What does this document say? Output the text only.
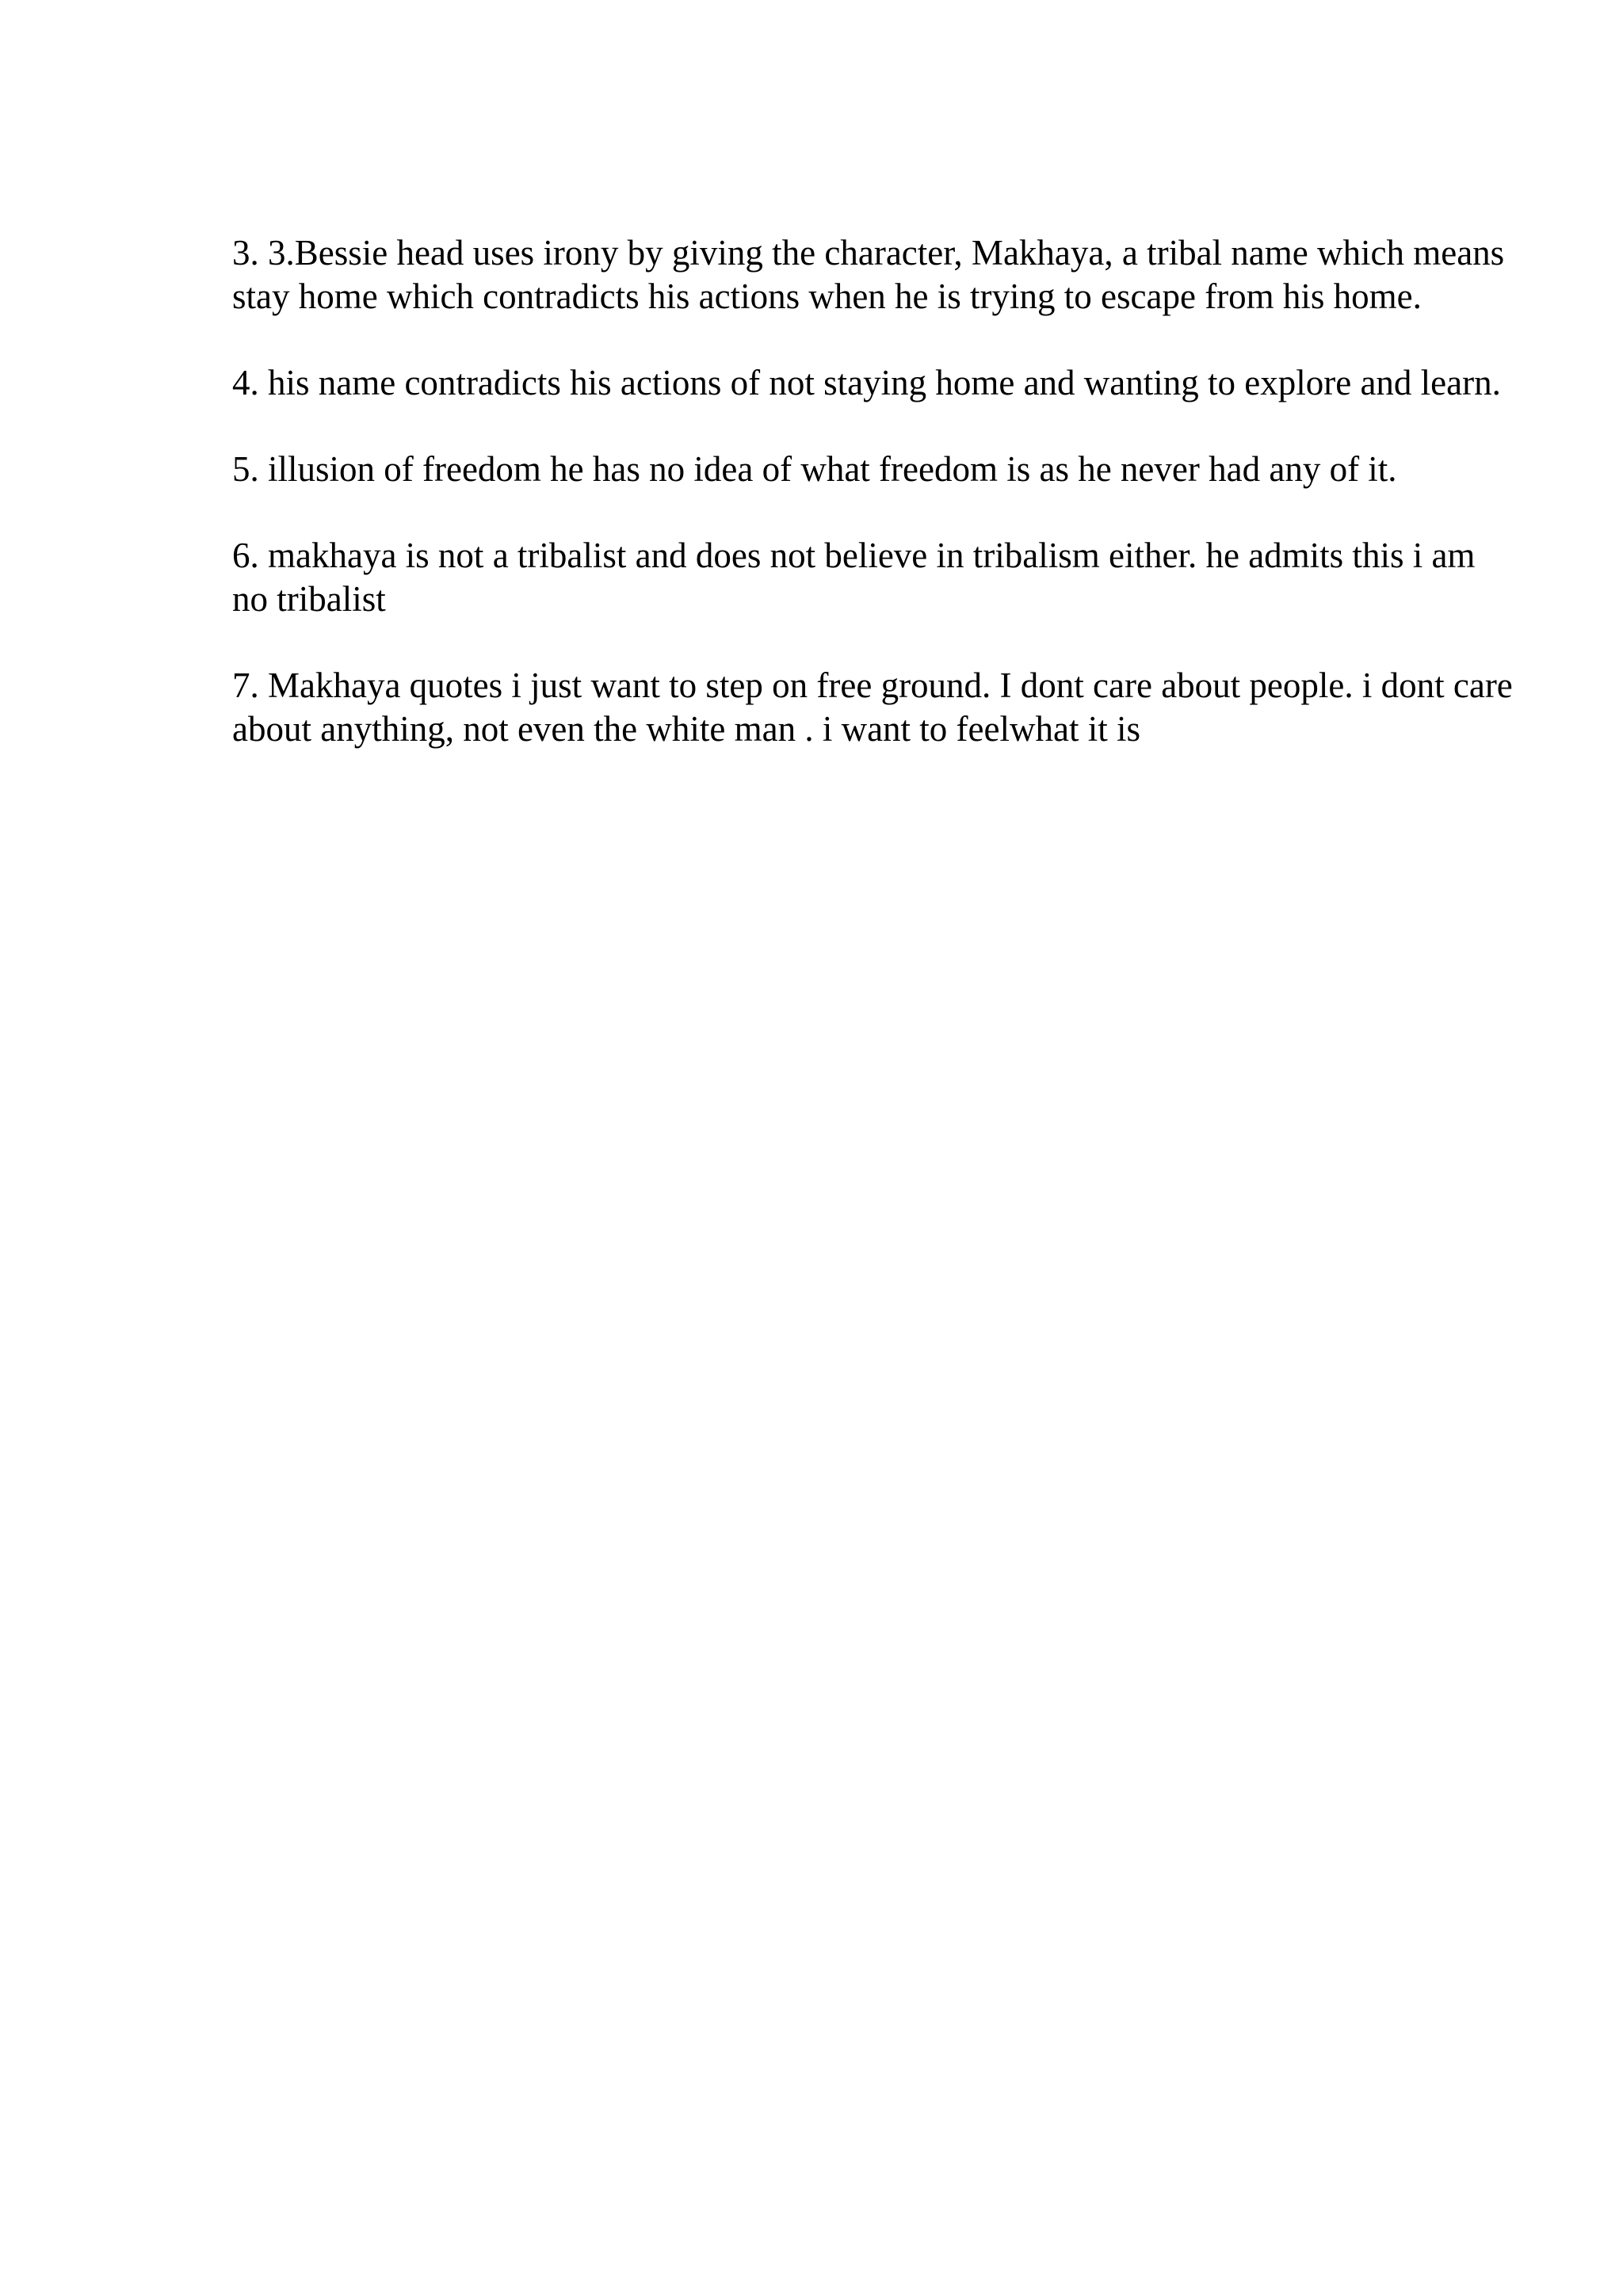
3. 3.Bessie head uses irony by giving the character, Makhaya, a tribal name which means stay home which contradicts his actions when he is trying to escape from his home.

4. his name contradicts his actions of not staying home and wanting to explore and learn.

5. illusion of freedom he has no idea of what freedom is as he never had any of it.

6. makhaya is not a tribalist and does not believe in tribalism either. he admits this i am no tribalist

7. Makhaya quotes i just want to step on free ground. I dont care about people. i dont care about anything, not even the white man . i want to feelwhat it is
